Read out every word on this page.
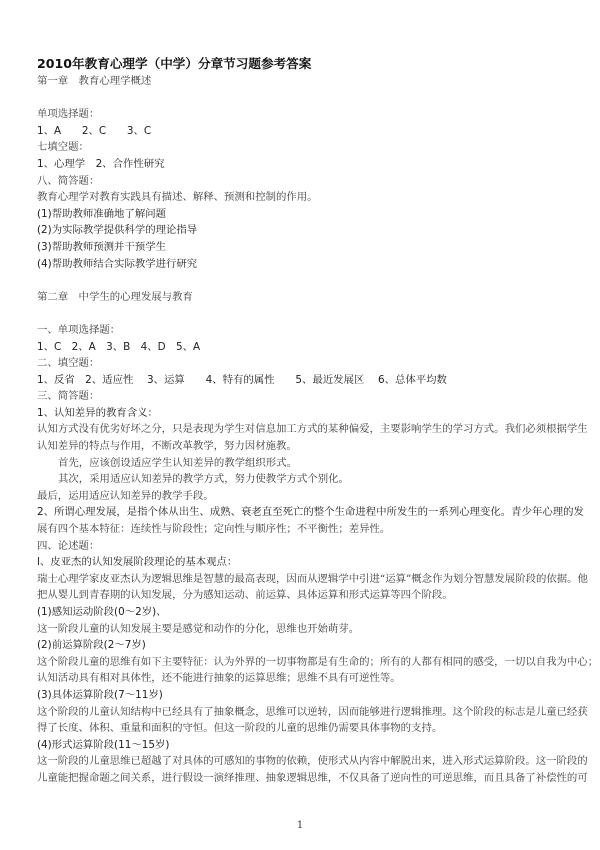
2010年教育心理学（中学）分章节习题参考答案
第一章　教育心理学概述
单项选择题：
1、A　　2、C　　3、C
七填空题：
1、心理学　2、合作性研究
八、简答题：
教育心理学对教育实践具有描述、解释、预测和控制的作用。
(1)帮助教师准确地了解问题
(2)为实际教学提供科学的理论指导
(3)帮助教师预测并干预学生
(4)帮助教师结合实际教学进行研究
第二章　中学生的心理发展与教育
一、单项选择题：
1、C　2、A　3、B　4、D　5、A
二、填空题：
1、反省　2、适应性　 3、运算　　4、特有的属性　　5、最近发展区　 6、总体平均数
三、简答题：
1、认知差异的教育含义：
认知方式没有优劣好坏之分，只是表现为学生对信息加工方式的某种偏爱，主要影响学生的学习方式。我们必须根据学生
认知差异的特点与作用，不断改革教学，努力因材施教。
首先，应该创设适应学生认知差异的教学组织形式。
其次，采用适应认知差异的教学方式，努力使教学方式个别化。
最后，运用适应认知差异的教学手段。
2、所谓心理发展，是指个体从出生、成熟、衰老直至死亡的整个生命进程中所发生的一系列心理变化。青少年心理的发
展有四个基本特征：连续性与阶段性；定向性与顺序性；不平衡性；差异性。
四、论述题：
l、皮亚杰的认知发展阶段理论的基本观点：
瑞士心理学家皮亚杰认为逻辑思维是智慧的最高表现，因而从逻辑学中引进“运算”概念作为划分智慧发展阶段的依据。他
把从婴儿到青春期的认知发展，分为感知运动、前运算、具体运算和形式运算等四个阶段。
(1)感知运动阶段(0～2岁)、
这一阶段儿童的认知发展主要是感觉和动作的分化，思维也开始萌芽。
(2)前运算阶段(2～7岁)
这个阶段儿童的思维有如下主要特征：认为外界的一切事物都是有生命的；所有的人都有相同的感受，一切以自我为中心；
认知活动具有相对具体性，还不能进行抽象的运算思维；思维不具有可逆性等。
(3)具体运算阶段(7～11岁)
这个阶段的儿童认知结构中已经具有了抽象概念，思维可以逆转，因而能够进行逻辑推理。这个阶段的标志是儿童已经获
得了长度、体积、重量和面积的守恒。但这一阶段的儿童的思维仍需要具体事物的支持。
(4)形式运算阶段(11～15岁)
这一阶段的儿童思维已超越了对具体的可感知的事物的依赖，使形式从内容中解脱出来，进入形式运算阶段。这一阶段的
儿童能把握命题之间关系，进行假设一演绎推理、抽象逻辑思维，不仅具备了逆向性的可逆思维，而且具备了补偿性的可
1
